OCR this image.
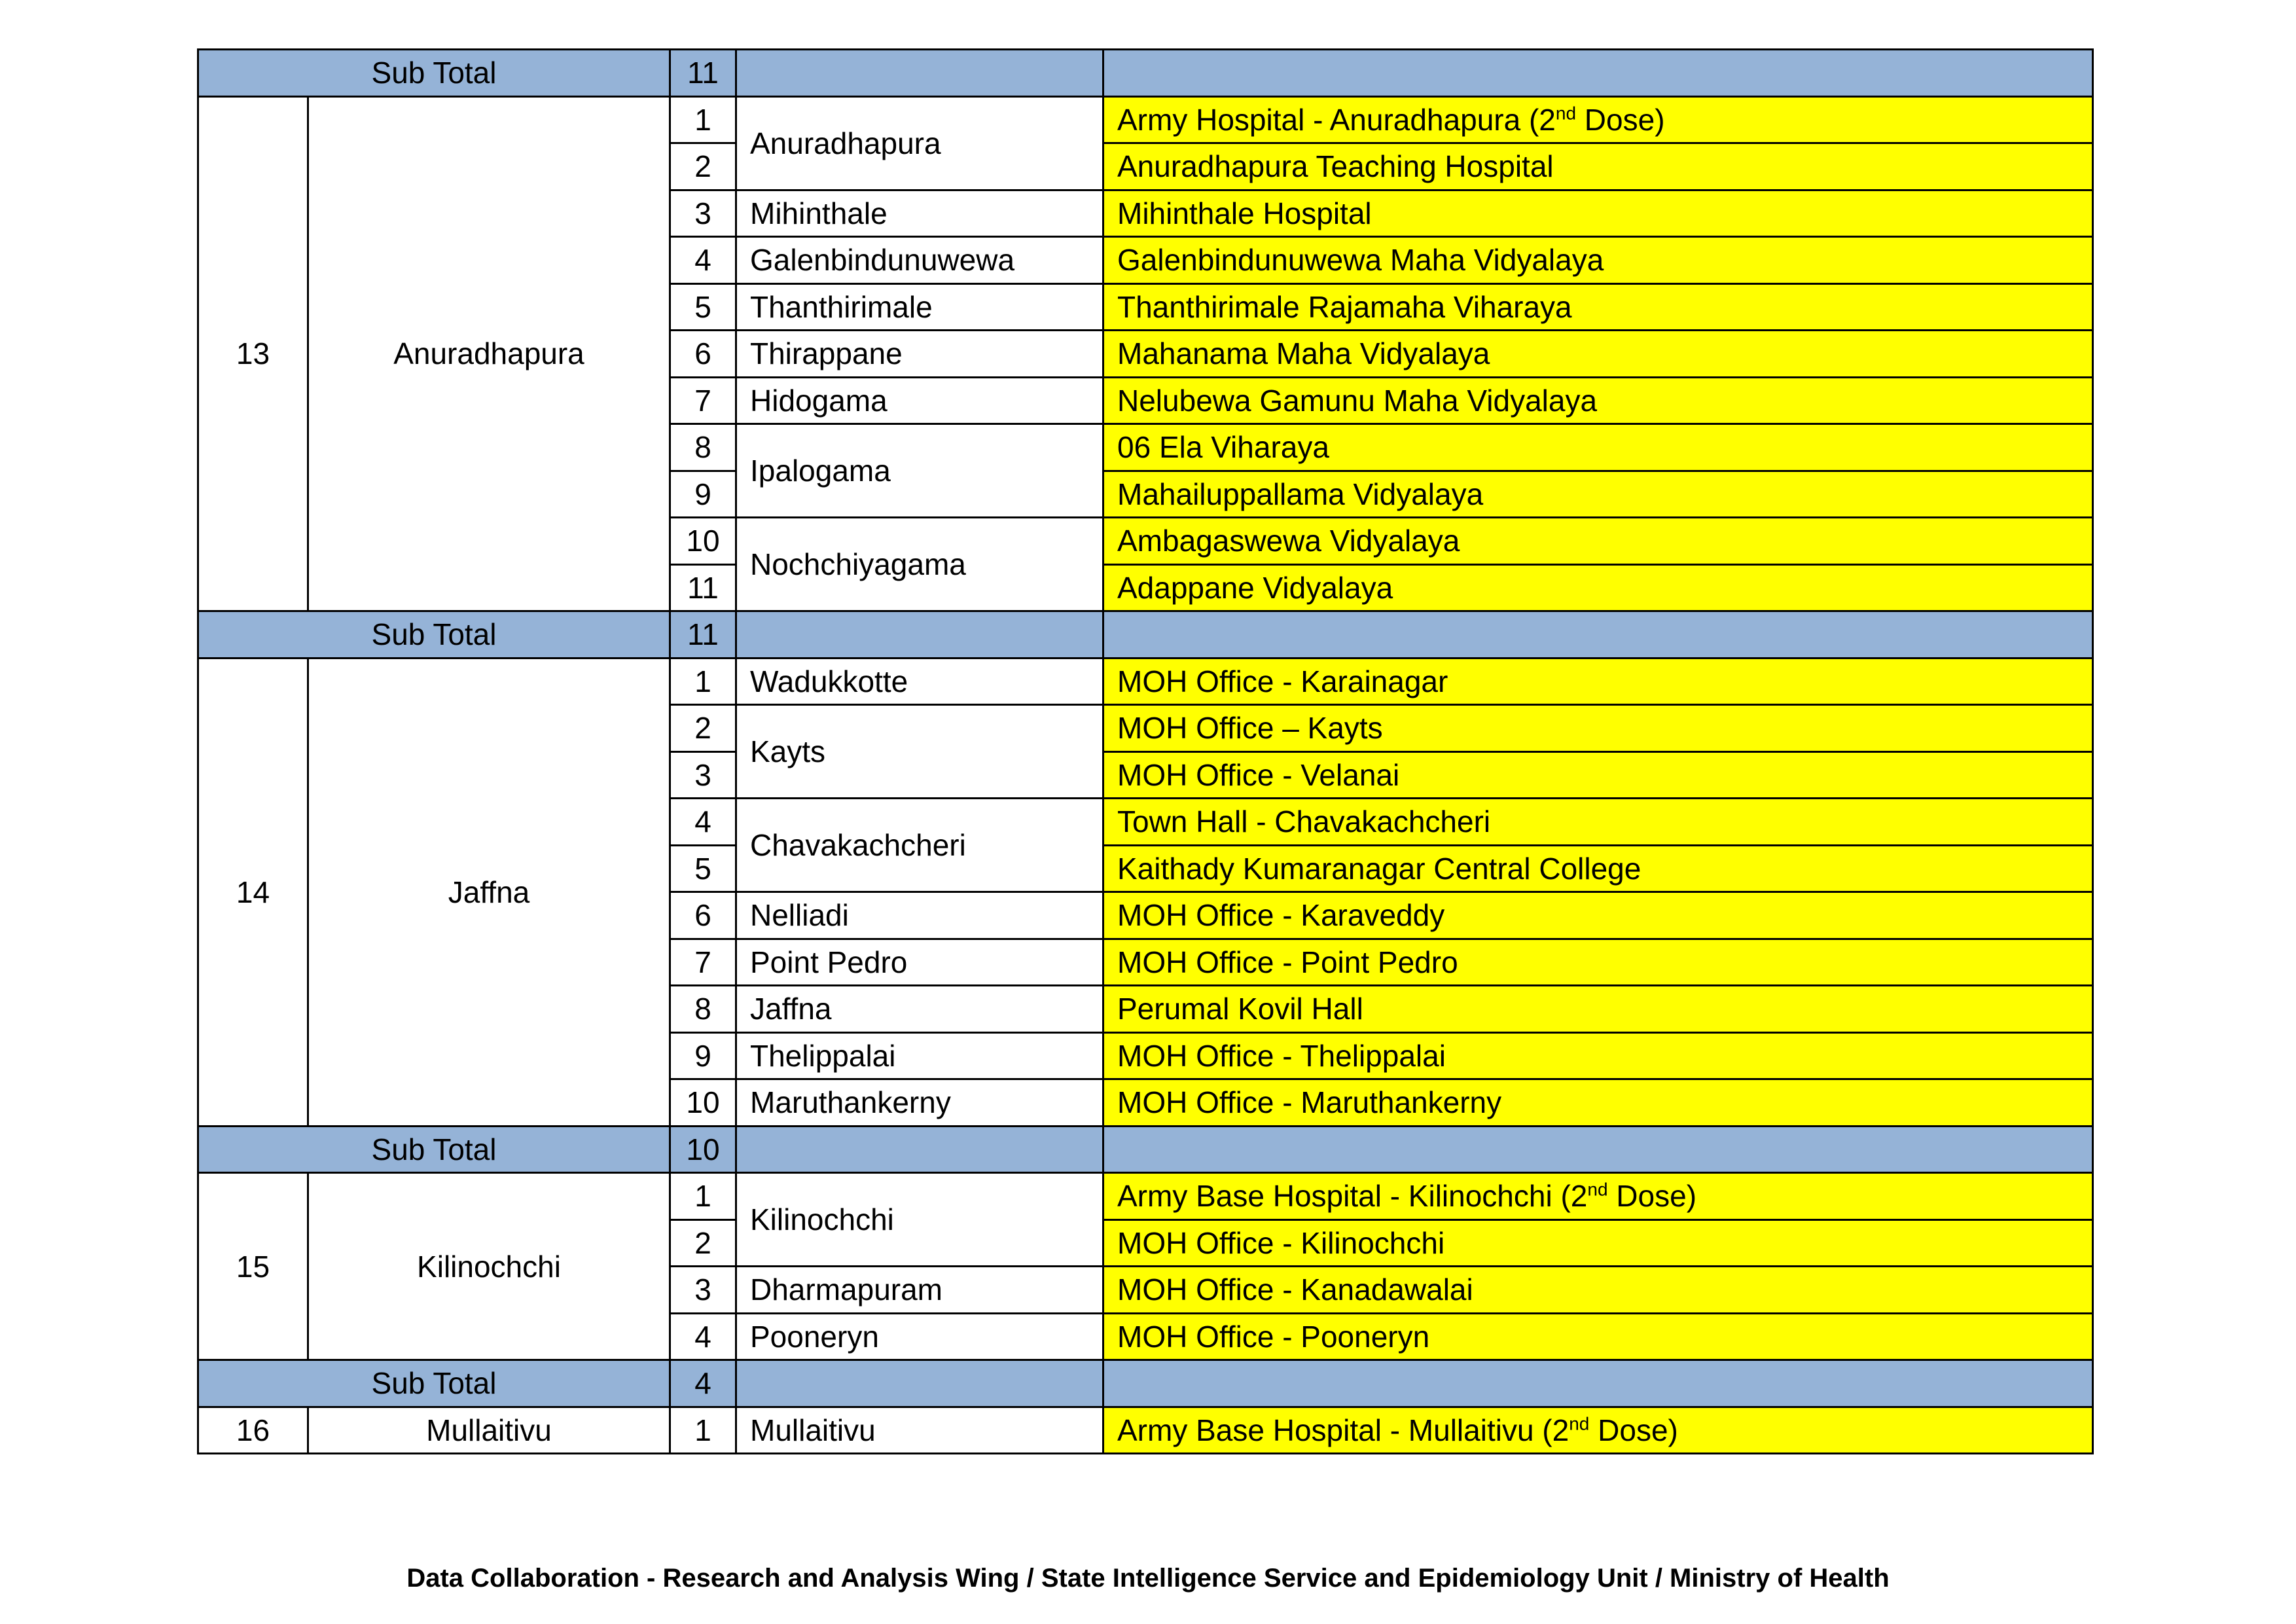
Sub Total		11		
13	Anuradhapura	1	Anuradhapura	Army Hospital - Anuradhapura (2nd Dose)
		2		Anuradhapura Teaching Hospital
		3	Mihinthale	Mihinthale Hospital
		4	Galenbindunuwewa	Galenbindunuwewa Maha Vidyalaya
		5	Thanthirimale	Thanthirimale Rajamaha Viharaya
		6	Thirappane	Mahanama Maha Vidyalaya
		7	Hidogama	Nelubewa Gamunu Maha Vidyalaya
		8	Ipalogama	06 Ela Viharaya
		9		Mahailuppallama Vidyalaya
		10	Nochchiyagama	Ambagaswewa Vidyalaya
		11		Adappane Vidyalaya
Sub Total		11		
14	Jaffna	1	Wadukkotte	MOH Office - Karainagar
		2	Kayts	MOH Office – Kayts
		3		MOH Office - Velanai
		4	Chavakachcheri	Town Hall - Chavakachcheri
		5		Kaithady Kumaranagar Central College
		6	Nelliadi	MOH Office - Karaveddy
		7	Point Pedro	MOH Office - Point Pedro
		8	Jaffna	Perumal Kovil Hall
		9	Thelippalai	MOH Office - Thelippalai
		10	Maruthankerny	MOH Office - Maruthankerny
Sub Total		10		
15	Kilinochchi	1	Kilinochchi	Army Base Hospital - Kilinochchi (2nd Dose)
		2		MOH Office - Kilinochchi
		3	Dharmapuram	MOH Office - Kanadawalai
		4	Pooneryn	MOH Office - Pooneryn
Sub Total		4		
16	Mullaitivu	1	Mullaitivu	Army Base Hospital - Mullaitivu (2nd Dose)
Data Collaboration - Research and Analysis Wing / State Intelligence Service and Epidemiology Unit / Ministry of Health
